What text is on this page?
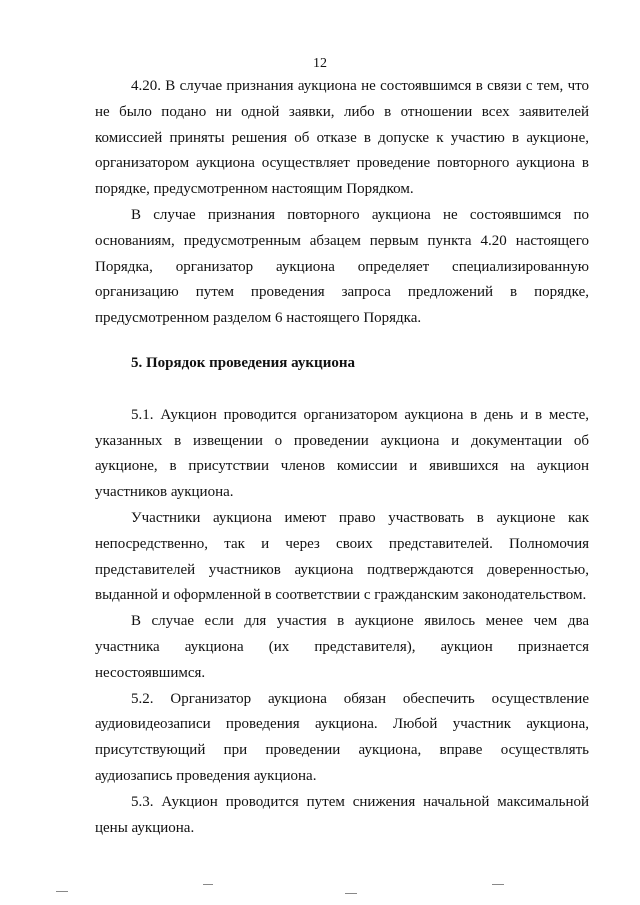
12

4.20. В случае признания аукциона не состоявшимся в связи с тем, что не было подано ни одной заявки, либо в отношении всех заявителей комиссией приняты решения об отказе в допуске к участию в аукционе, организатором аукциона осуществляет проведение повторного аукциона в порядке, предусмотренном настоящим Порядком.

В случае признания повторного аукциона не состоявшимся по основаниям, предусмотренным абзацем первым пункта 4.20 настоящего Порядка, организатор аукциона определяет специализированную организацию путем проведения запроса предложений в порядке, предусмотренном разделом 6 настоящего Порядка.

5. Порядок проведения аукциона

5.1. Аукцион проводится организатором аукциона в день и в месте, указанных в извещении о проведении аукциона и документации об аукционе, в присутствии членов комиссии и явившихся на аукцион участников аукциона.

Участники аукциона имеют право участвовать в аукционе как непосредственно, так и через своих представителей. Полномочия представителей участников аукциона подтверждаются доверенностью, выданной и оформленной в соответствии с гражданским законодательством.

В случае если для участия в аукционе явилось менее чем два участника аукциона (их представителя), аукцион признается несостоявшимся.

5.2. Организатор аукциона обязан обеспечить осуществление аудиовидеозаписи проведения аукциона. Любой участник аукциона, присутствующий при проведении аукциона, вправе осуществлять аудиозапись проведения аукциона.

5.3. Аукцион проводится путем снижения начальной максимальной цены аукциона.
